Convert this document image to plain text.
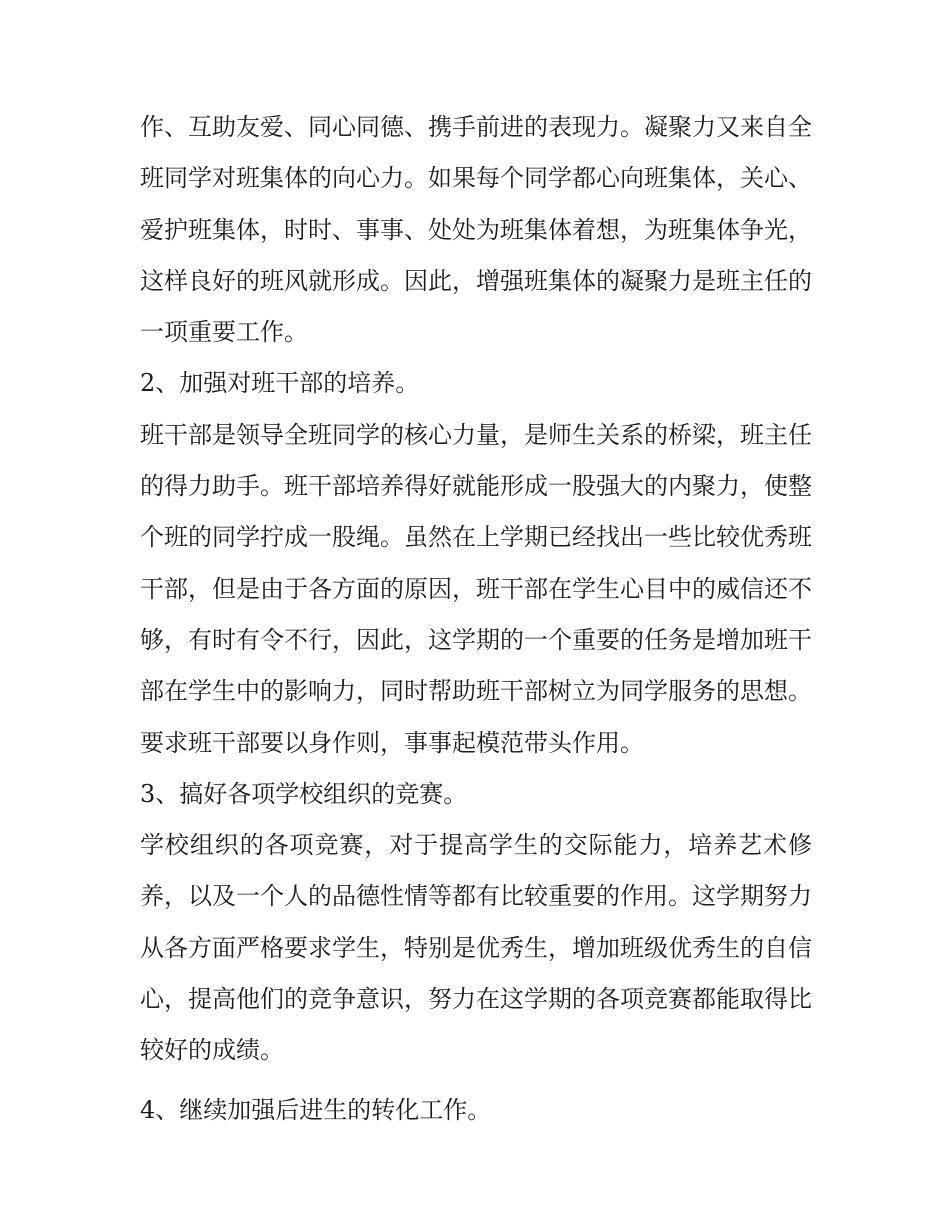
作、互助友爱、同心同德、携手前进的表现力。凝聚力又来自全班同学对班集体的向心力。如果每个同学都心向班集体，关心、爱护班集体，时时、事事、处处为班集体着想，为班集体争光，这样良好的班风就形成。因此，增强班集体的凝聚力是班主任的一项重要工作。

2、加强对班干部的培养。

班干部是领导全班同学的核心力量，是师生关系的桥梁，班主任的得力助手。班干部培养得好就能形成一股强大的内聚力，使整个班的同学拧成一股绳。虽然在上学期已经找出一些比较优秀班干部，但是由于各方面的原因，班干部在学生心目中的威信还不够，有时有令不行，因此，这学期的一个重要的任务是增加班干部在学生中的影响力，同时帮助班干部树立为同学服务的思想。要求班干部要以身作则，事事起模范带头作用。

3、搞好各项学校组织的竞赛。

学校组织的各项竞赛，对于提高学生的交际能力，培养艺术修养，以及一个人的品德性情等都有比较重要的作用。这学期努力从各方面严格要求学生，特别是优秀生，增加班级优秀生的自信心，提高他们的竞争意识，努力在这学期的各项竞赛都能取得比较好的成绩。

4、继续加强后进生的转化工作。
